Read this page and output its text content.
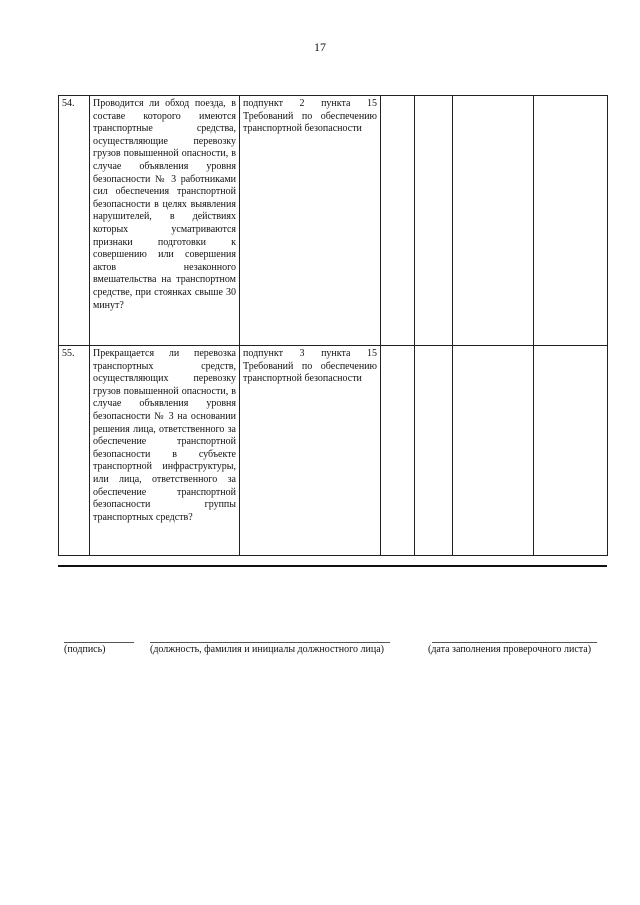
17
54.	Проводится ли обход поезда, в составе которого имеются транспортные средства, осуществляющие перевозку грузов повышенной опасности, в случае объявления уровня безопасности № 3 работниками сил обеспечения транспортной безопасности в целях выявления нарушителей, в действиях которых усматриваются признаки подготовки к совершению или совершения актов незаконного вмешательства на транспортном средстве, при стоянках свыше 30 минут?	подпункт 2 пункта 15 Требований по обеспечению транспортной безопасности				
55.	Прекращается ли перевозка транспортных средств, осуществляющих перевозку грузов повышенной опасности, в случае объявления уровня безопасности № 3 на основании решения лица, ответственного за обеспечение транспортной безопасности в субъекте транспортной инфраструктуры, или лица, ответственного за обеспечение транспортной безопасности группы транспортных средств?	подпункт 3 пункта 15 Требований по обеспечению транспортной безопасности				
(подпись)	(должность, фамилия и инициалы должностного лица)	(дата заполнения проверочного листа)
